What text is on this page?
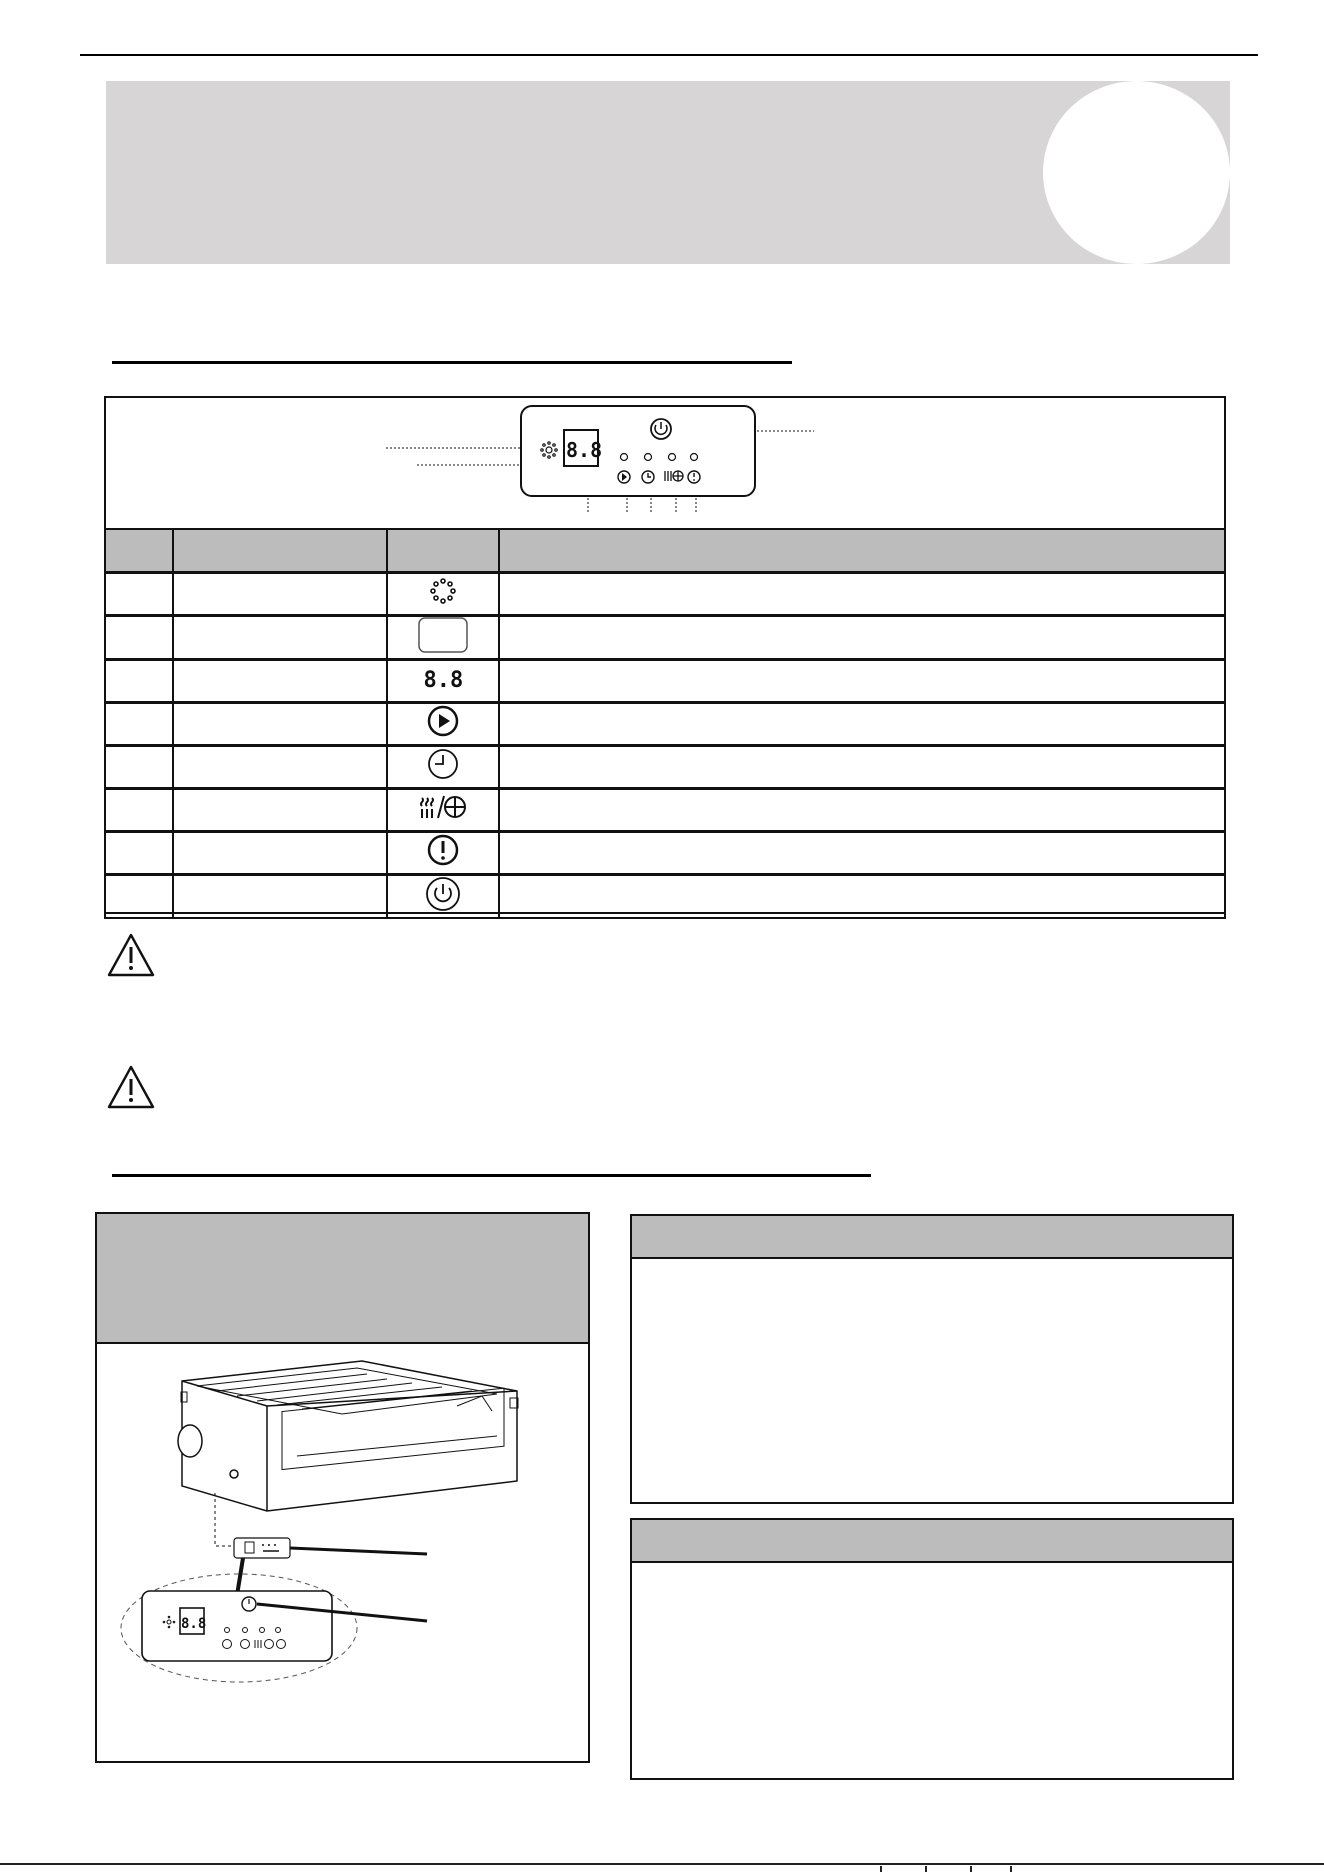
8.8

		8.8	

8.8
